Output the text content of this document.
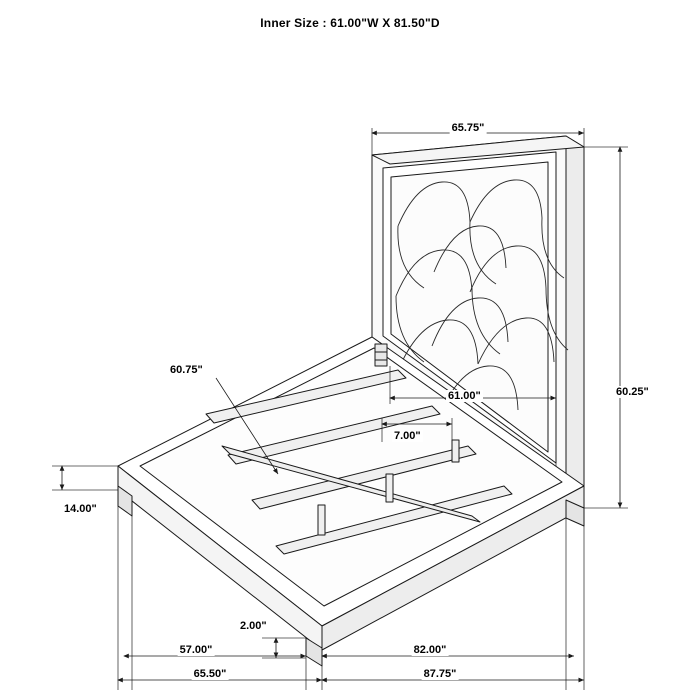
Inner Size : 61.00"W X 81.50"D
65.75"
60.25"
60.75"
61.00"
7.00"
14.00"
2.00"
57.00"	82.00"
65.50"	87.75"
